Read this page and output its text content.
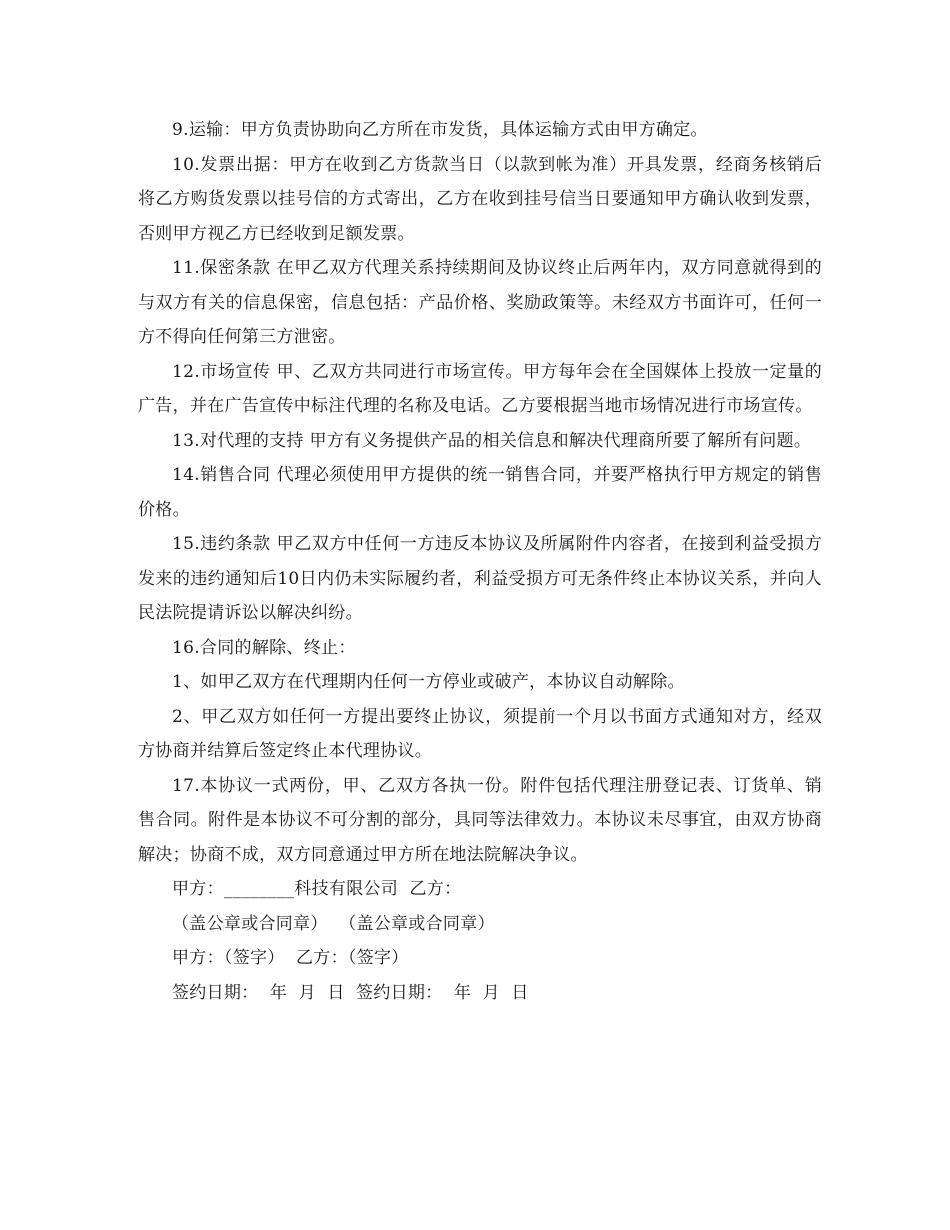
9.运输：甲方负责协助向乙方所在市发货，具体运输方式由甲方确定。

10.发票出据：甲方在收到乙方货款当日（以款到帐为准）开具发票，经商务核销后将乙方购货发票以挂号信的方式寄出，乙方在收到挂号信当日要通知甲方确认收到发票，否则甲方视乙方已经收到足额发票。

11.保密条款 在甲乙双方代理关系持续期间及协议终止后两年内，双方同意就得到的与双方有关的信息保密，信息包括：产品价格、奖励政策等。未经双方书面许可，任何一方不得向任何第三方泄密。

12.市场宣传 甲、乙双方共同进行市场宣传。甲方每年会在全国媒体上投放一定量的广告，并在广告宣传中标注代理的名称及电话。乙方要根据当地市场情况进行市场宣传。

13.对代理的支持 甲方有义务提供产品的相关信息和解决代理商所要了解所有问题。

14.销售合同 代理必须使用甲方提供的统一销售合同，并要严格执行甲方规定的销售价格。

15.违约条款 甲乙双方中任何一方违反本协议及所属附件内容者，在接到利益受损方发来的违约通知后10日内仍未实际履约者，利益受损方可无条件终止本协议关系，并向人民法院提请诉讼以解决纠纷。

16.合同的解除、终止：

1、如甲乙双方在代理期内任何一方停业或破产，本协议自动解除。

2、甲乙双方如任何一方提出要终止协议，须提前一个月以书面方式通知对方，经双方协商并结算后签定终止本代理协议。

17.本协议一式两份，甲、乙双方各执一份。附件包括代理注册登记表、订货单、销售合同。附件是本协议不可分割的部分，具同等法律效力。本协议未尽事宜，由双方协商解决；协商不成，双方同意通过甲方所在地法院解决争议。

甲方：________科技有限公司  乙方：

（盖公章或合同章）  （盖公章或合同章）

甲方：（签字）  乙方：（签字）

签约日期：  年  月  日  签约日期：  年  月  日
